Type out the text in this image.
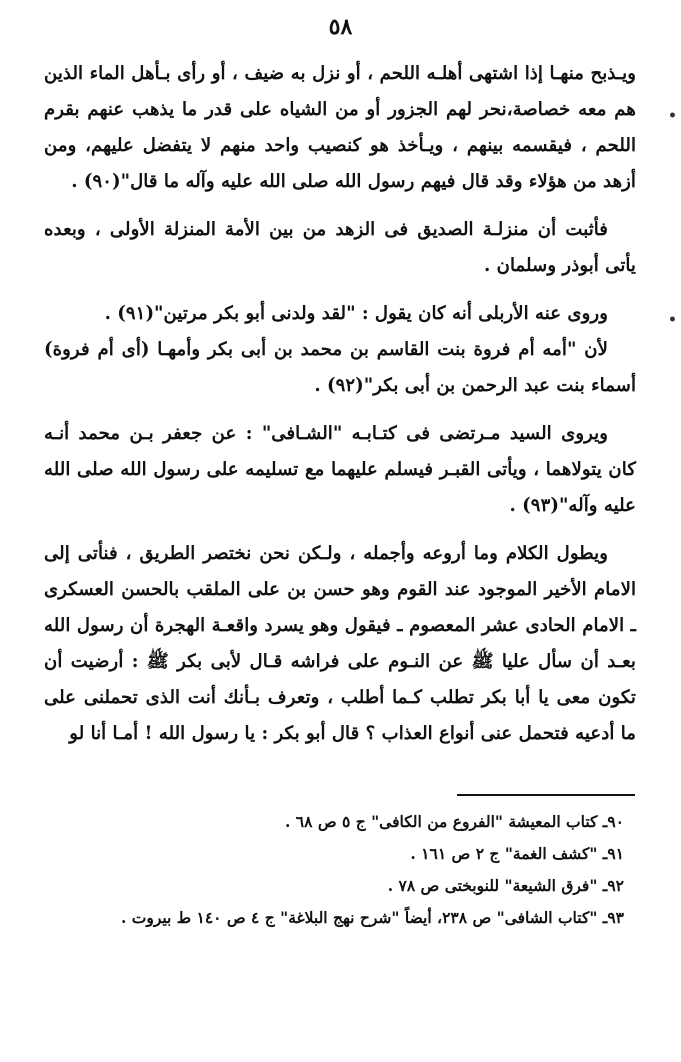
٥٨

ويـذبح منهـا إذا اشتهى أهلـه اللحم ، أو نزل به ضيف ، أو رأى بـأهل الماء الذين هم معه خصاصة،نحر لهم الجزور أو من الشياه على قدر ما يذهب عنهم بقرم اللحم ، فيقسمه بينهم ، ويـأخذ هو كنصيب واحد منهم لا يتفضل عليهم، ومن أزهد من هؤلاء وقد قال فيهم رسول الله صلى الله عليه وآله ما قال"(٩٠) .

فأثبت أن منزلـة الصديق فى الزهد من بين الأمة المنزلة الأولى ، وبعده يأتى أبوذر وسلمان .

وروى عنه الأربلى أنه كان يقول : "لقد ولدنى أبو بكر مرتين"(٩١) .

لأن "أمه أم فروة بنت القاسم بن محمد بن أبى بكر وأمهـا (أى أم فروة) أسماء بنت عبد الرحمن بن أبى بكر"(٩٢) .

ويروى السيد مـرتضى فى كتـابـه "الشـافى" : عن جعفر بـن محمد أنـه كان يتولاهما ، ويأتى القبـر فيسلم عليهما مع تسليمه على رسول الله صلى الله عليه وآله"(٩٣) .

ويطول الكلام وما أروعه وأجمله ، ولـكن نحن نختصر الطريق ، فنأتى إلى الامام الأخير الموجود عند القوم وهو حسن بن على الملقب بالحسن العسكرى ـ الامام الحادى عشر المعصوم ـ فيقول وهو يسرد واقعـة الهجرة أن رسول الله بعـد أن سأل عليا ﷺ عن النـوم على فراشه قـال لأبى بكر ﷺ : أرضيت أن تكون معى يا أبا بكر تطلب كـما أطلب ، وتعرف بـأنك أنت الذى تحملنى على ما أدعيه فتحمل عنى أنواع العذاب ؟ قال أبو بكر : يا رسول الله ! أمـا أنا لو

٩٠ـ كتاب المعيشة "الفروع من الكافى" ج ٥ ص ٦٨ .

٩١ـ "كشف الغمة" ج ٢ ص ١٦١ .

٩٢ـ "فرق الشيعة" للنوبختى ص ٧٨ .

٩٣ـ "كتاب الشافى" ص ٢٣٨، أيضاً "شرح نهج البلاغة" ج ٤ ص ١٤٠ ط بيروت .

•
•
